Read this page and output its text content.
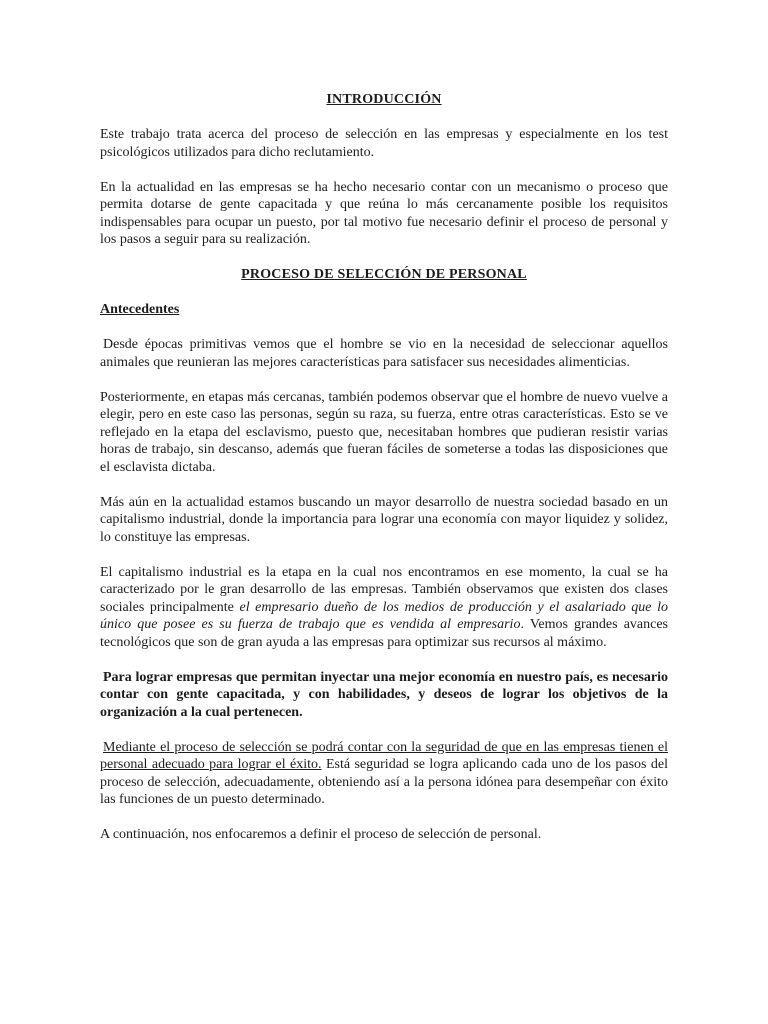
INTRODUCCIÓN

Este trabajo trata acerca del proceso de selección en las empresas y especialmente en los test psicológicos utilizados para dicho reclutamiento.

En la actualidad en las empresas se ha hecho necesario contar con un mecanismo o proceso que permita dotarse de gente capacitada y que reúna lo más cercanamente posible los requisitos indispensables para ocupar un puesto, por tal motivo fue necesario definir el proceso de personal y los pasos a seguir para su realización.

PROCESO DE SELECCIÓN DE PERSONAL
Antecedentes

Desde épocas primitivas vemos que el hombre se vio en la necesidad de seleccionar aquellos animales que reunieran las mejores características para satisfacer sus necesidades alimenticias.

Posteriormente, en etapas más cercanas, también podemos observar que el hombre de nuevo vuelve a elegir, pero en este caso las personas, según su raza, su fuerza, entre otras características. Esto se ve reflejado en la etapa del esclavismo, puesto que, necesitaban hombres que pudieran resistir varias horas de trabajo, sin descanso, además que fueran fáciles de someterse a todas las disposiciones que el esclavista dictaba.

Más aún en la actualidad estamos buscando un mayor desarrollo de nuestra sociedad basado en un capitalismo industrial, donde la importancia para lograr una economía con mayor liquidez y solidez, lo constituye las empresas.

El capitalismo industrial es la etapa en la cual nos encontramos en ese momento, la cual se ha caracterizado por le gran desarrollo de las empresas. También observamos que existen dos clases sociales principalmente el empresario dueño de los medios de producción y el asalariado que lo único que posee es su fuerza de trabajo que es vendida al empresario. Vemos grandes avances tecnológicos que son de gran ayuda a las empresas para optimizar sus recursos al máximo.

Para lograr empresas que permitan inyectar una mejor economía en nuestro país, es necesario contar con gente capacitada, y con habilidades, y deseos de lograr los objetivos de la organización a la cual pertenecen.

Mediante el proceso de selección se podrá contar con la seguridad de que en las empresas tienen el personal adecuado para lograr el éxito. Está seguridad se logra aplicando cada uno de los pasos del proceso de selección, adecuadamente, obteniendo así a la persona idónea para desempeñar con éxito las funciones de un puesto determinado.

A continuación, nos enfocaremos a definir el proceso de selección de personal.
